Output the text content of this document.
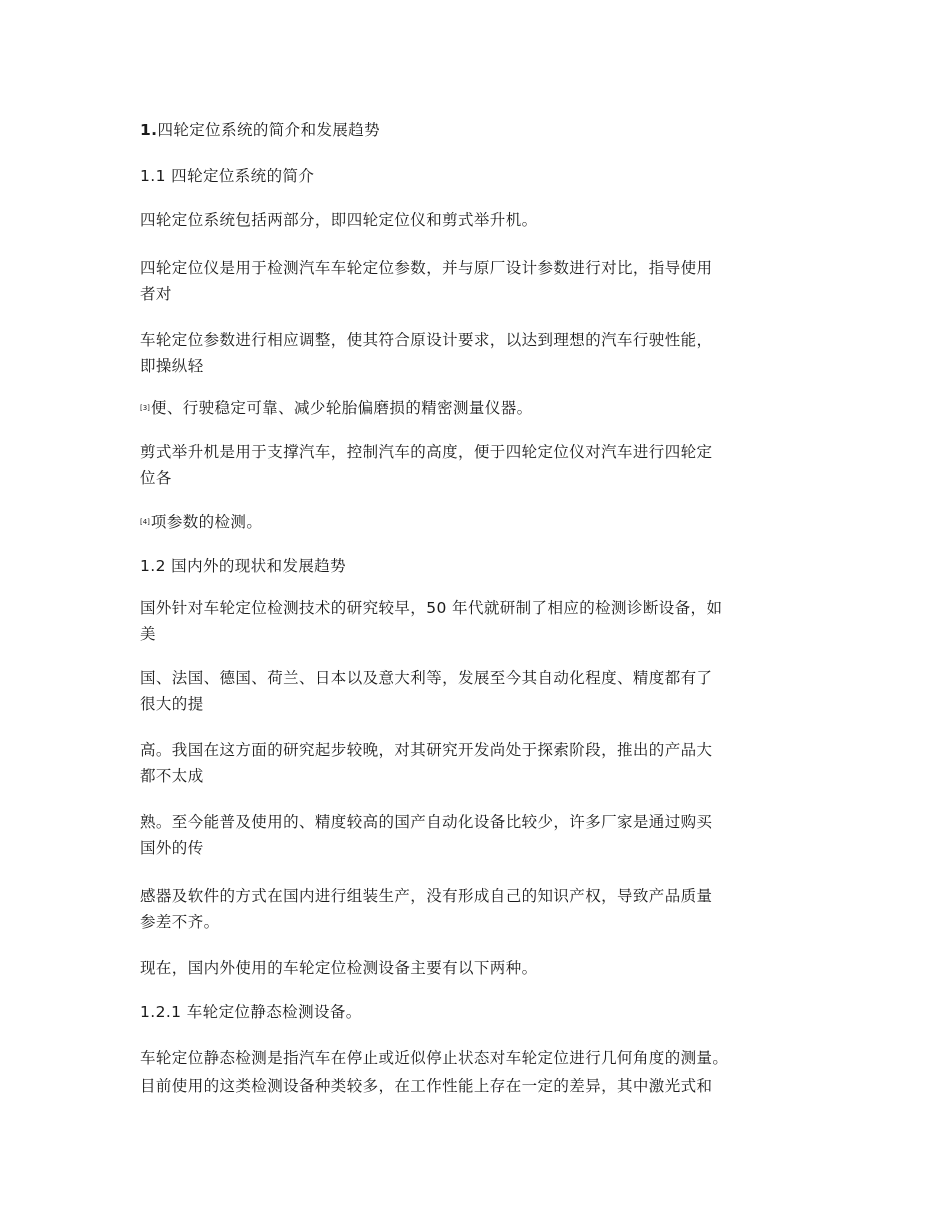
1.四轮定位系统的简介和发展趋势
1.1 四轮定位系统的简介
四轮定位系统包括两部分，即四轮定位仪和剪式举升机。
四轮定位仪是用于检测汽车车轮定位参数，并与原厂设计参数进行对比，指导使用
者对
车轮定位参数进行相应调整，使其符合原设计要求，以达到理想的汽车行驶性能，
即操纵轻
[3]便、行驶稳定可靠、减少轮胎偏磨损的精密测量仪器。
剪式举升机是用于支撑汽车，控制汽车的高度，便于四轮定位仪对汽车进行四轮定
位各
[4]项参数的检测。
1.2 国内外的现状和发展趋势
国外针对车轮定位检测技术的研究较早，50 年代就研制了相应的检测诊断设备，如
美
国、法国、德国、荷兰、日本以及意大利等，发展至今其自动化程度、精度都有了
很大的提
高。我国在这方面的研究起步较晚，对其研究开发尚处于探索阶段，推出的产品大
都不太成
熟。至今能普及使用的、精度较高的国产自动化设备比较少，许多厂家是通过购买
国外的传
感器及软件的方式在国内进行组装生产，没有形成自己的知识产权，导致产品质量
参差不齐。
现在，国内外使用的车轮定位检测设备主要有以下两种。
1.2.1 车轮定位静态检测设备。
车轮定位静态检测是指汽车在停止或近似停止状态对车轮定位进行几何角度的测量。
目前使用的这类检测设备种类较多，在工作性能上存在一定的差异，其中激光式和
